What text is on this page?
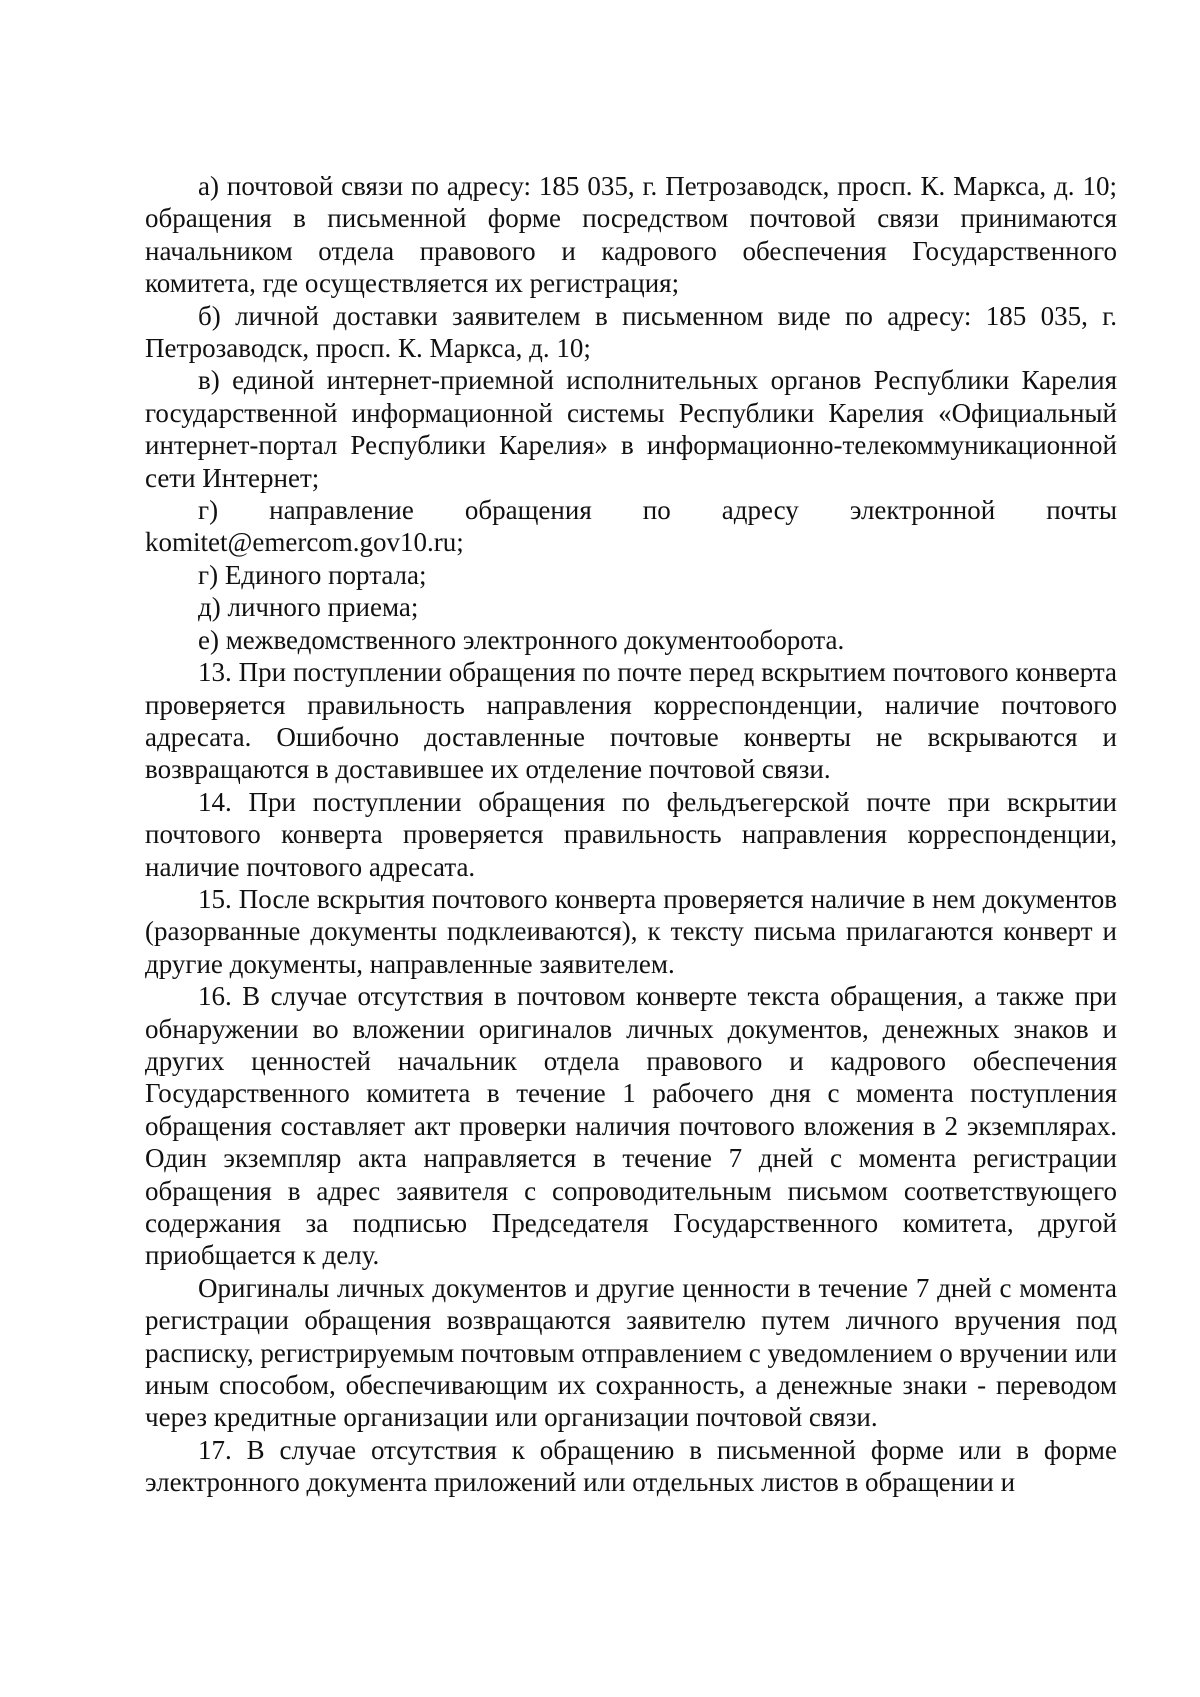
а) почтовой связи по адресу: 185 035, г. Петрозаводск, просп. К. Маркса, д. 10; обращения в письменной форме посредством почтовой связи принимаются начальником отдела правового и кадрового обеспечения Государственного комитета, где осуществляется их регистрация;

б) личной доставки заявителем в письменном виде по адресу: 185 035, г. Петрозаводск, просп. К. Маркса, д. 10;

в) единой интернет-приемной исполнительных органов Республики Карелия государственной информационной системы Республики Карелия «Официальный интернет-портал Республики Карелия» в информационно-телекоммуникационной сети Интернет;

г) направление обращения по адресу электронной почты
komitet@emercom.gov10.ru;

г) Единого портала;

д) личного приема;

е) межведомственного электронного документооборота.

13. При поступлении обращения по почте перед вскрытием почтового конверта проверяется правильность направления корреспонденции, наличие почтового адресата. Ошибочно доставленные почтовые конверты не вскрываются и возвращаются в доставившее их отделение почтовой связи.

14. При поступлении обращения по фельдъегерской почте при вскрытии почтового конверта проверяется правильность направления корреспонденции, наличие почтового адресата.

15. После вскрытия почтового конверта проверяется наличие в нем документов (разорванные документы подклеиваются), к тексту письма прилагаются конверт и другие документы, направленные заявителем.

16. В случае отсутствия в почтовом конверте текста обращения, а также при обнаружении во вложении оригиналов личных документов, денежных знаков и других ценностей начальник отдела правового и кадрового обеспечения Государственного комитета в течение 1 рабочего дня с момента поступления обращения составляет акт проверки наличия почтового вложения в 2 экземплярах. Один экземпляр акта направляется в течение 7 дней с момента регистрации обращения в адрес заявителя с сопроводительным письмом соответствующего содержания за подписью Председателя Государственного комитета, другой приобщается к делу.

Оригиналы личных документов и другие ценности в течение 7 дней с момента регистрации обращения возвращаются заявителю путем личного вручения под расписку, регистрируемым почтовым отправлением с уведомлением о вручении или иным способом, обеспечивающим их сохранность, а денежные знаки - переводом через кредитные организации или организации почтовой связи.

17. В случае отсутствия к обращению в письменной форме или в форме электронного документа приложений или отдельных листов в обращении и
